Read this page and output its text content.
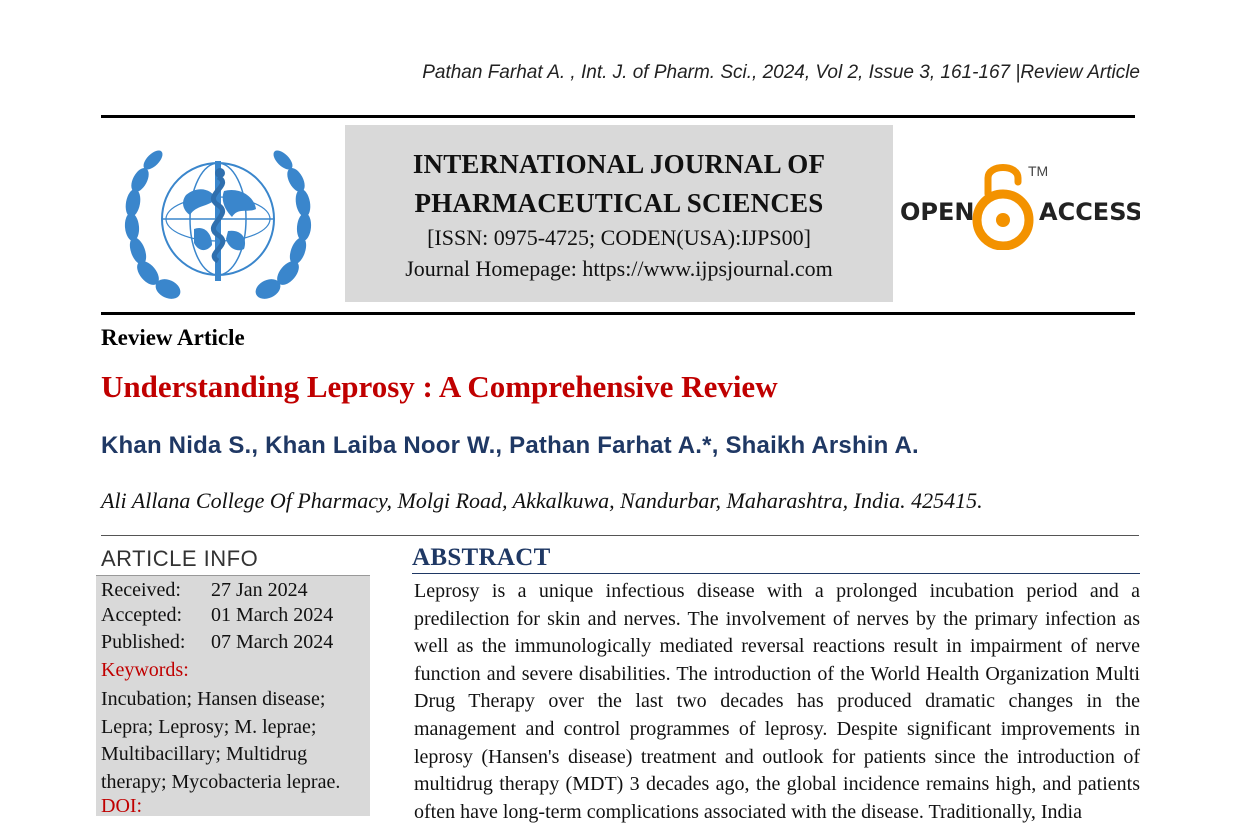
Pathan Farhat A. , Int. J. of Pharm. Sci., 2024, Vol 2, Issue 3, 161-167 |Review Article
INTERNATIONAL JOURNAL OF
PHARMACEUTICAL SCIENCES
[ISSN: 0975-4725; CODEN(USA):IJPS00]
Journal Homepage: https://www.ijpsjournal.com
OPEN	ACCESS
TM
Review Article
Understanding Leprosy : A Comprehensive Review
Khan Nida S., Khan Laiba Noor W., Pathan Farhat A.*, Shaikh Arshin A.
Ali Allana College Of Pharmacy, Molgi Road, Akkalkuwa, Nandurbar, Maharashtra, India. 425415.
ARTICLE INFO
Received: 27 Jan 2024
Accepted: 01 March 2024
Published: 07 March 2024
Keywords:
Incubation; Hansen disease; Lepra; Leprosy; M. leprae; Multibacillary; Multidrug therapy; Mycobacteria leprae.
DOI:
ABSTRACT
Leprosy is a unique infectious disease with a prolonged incubation period and a predilection for skin and nerves. The involvement of nerves by the primary infection as well as the immunologically mediated reversal reactions result in impairment of nerve function and severe disabilities. The introduction of the World Health Organization Multi Drug Therapy over the last two decades has produced dramatic changes in the management and control programmes of leprosy. Despite significant improvements in leprosy (Hansen's disease) treatment and outlook for patients since the introduction of multidrug therapy (MDT) 3 decades ago, the global incidence remains high, and patients often have long-term complications associated with the disease. Traditionally, India
